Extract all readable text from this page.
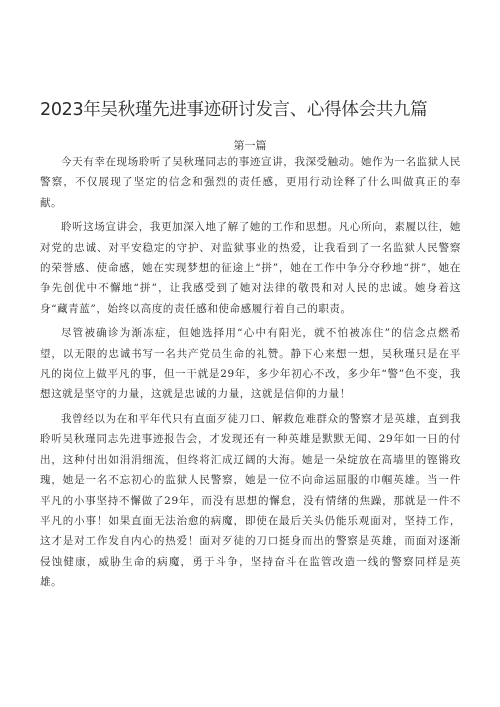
2023年吴秋瑾先进事迹研讨发言、心得体会共九篇
第一篇

今天有幸在现场聆听了吴秋瑾同志的事迹宣讲，我深受触动。她作为一名监狱人民警察，不仅展现了坚定的信念和强烈的责任感，更用行动诠释了什么叫做真正的奉献。

聆听这场宣讲会，我更加深入地了解了她的工作和思想。凡心所向，素履以往，她对党的忠诚、对平安稳定的守护、对监狱事业的热爱，让我看到了一名监狱人民警察的荣誉感、使命感，她在实现梦想的征途上“拼”，她在工作中争分夺秒地“拼”，她在争先创优中不懈地“拼”，让我感受到了她对法律的敬畏和对人民的忠诚。她身着这身“藏青蓝”，始终以高度的责任感和使命感履行着自己的职责。

尽管被确诊为渐冻症，但她选择用“心中有阳光，就不怕被冻住”的信念点燃希望，以无限的忠诚书写一名共产党员生命的礼赞。静下心来想一想，吴秋瑾只是在平凡的岗位上做平凡的事，但一干就是29年，多少年初心不改，多少年“警”色不变，我想这就是坚守的力量，这就是忠诚的力量，这就是信仰的力量！

我曾经以为在和平年代只有直面歹徒刀口、解救危难群众的警察才是英雄，直到我聆听吴秋瑾同志先进事迹报告会，才发现还有一种英雄是默默无闻、29年如一日的付出，这种付出如涓涓细流，但终将汇成辽阔的大海。她是一朵绽放在高墙里的铿锵玫瑰，她是一名不忘初心的监狱人民警察，她是一位不向命运屈服的巾帼英雄。当一件平凡的小事坚持不懈做了29年，而没有思想的懈怠，没有情绪的焦躁，那就是一件不平凡的小事！如果直面无法治愈的病魔，即使在最后关头仍能乐观面对，坚持工作，这才是对工作发自内心的热爱！面对歹徒的刀口挺身而出的警察是英雄，而面对逐渐侵蚀健康，威胁生命的病魔，勇于斗争，坚持奋斗在监管改造一线的警察同样是英雄。
